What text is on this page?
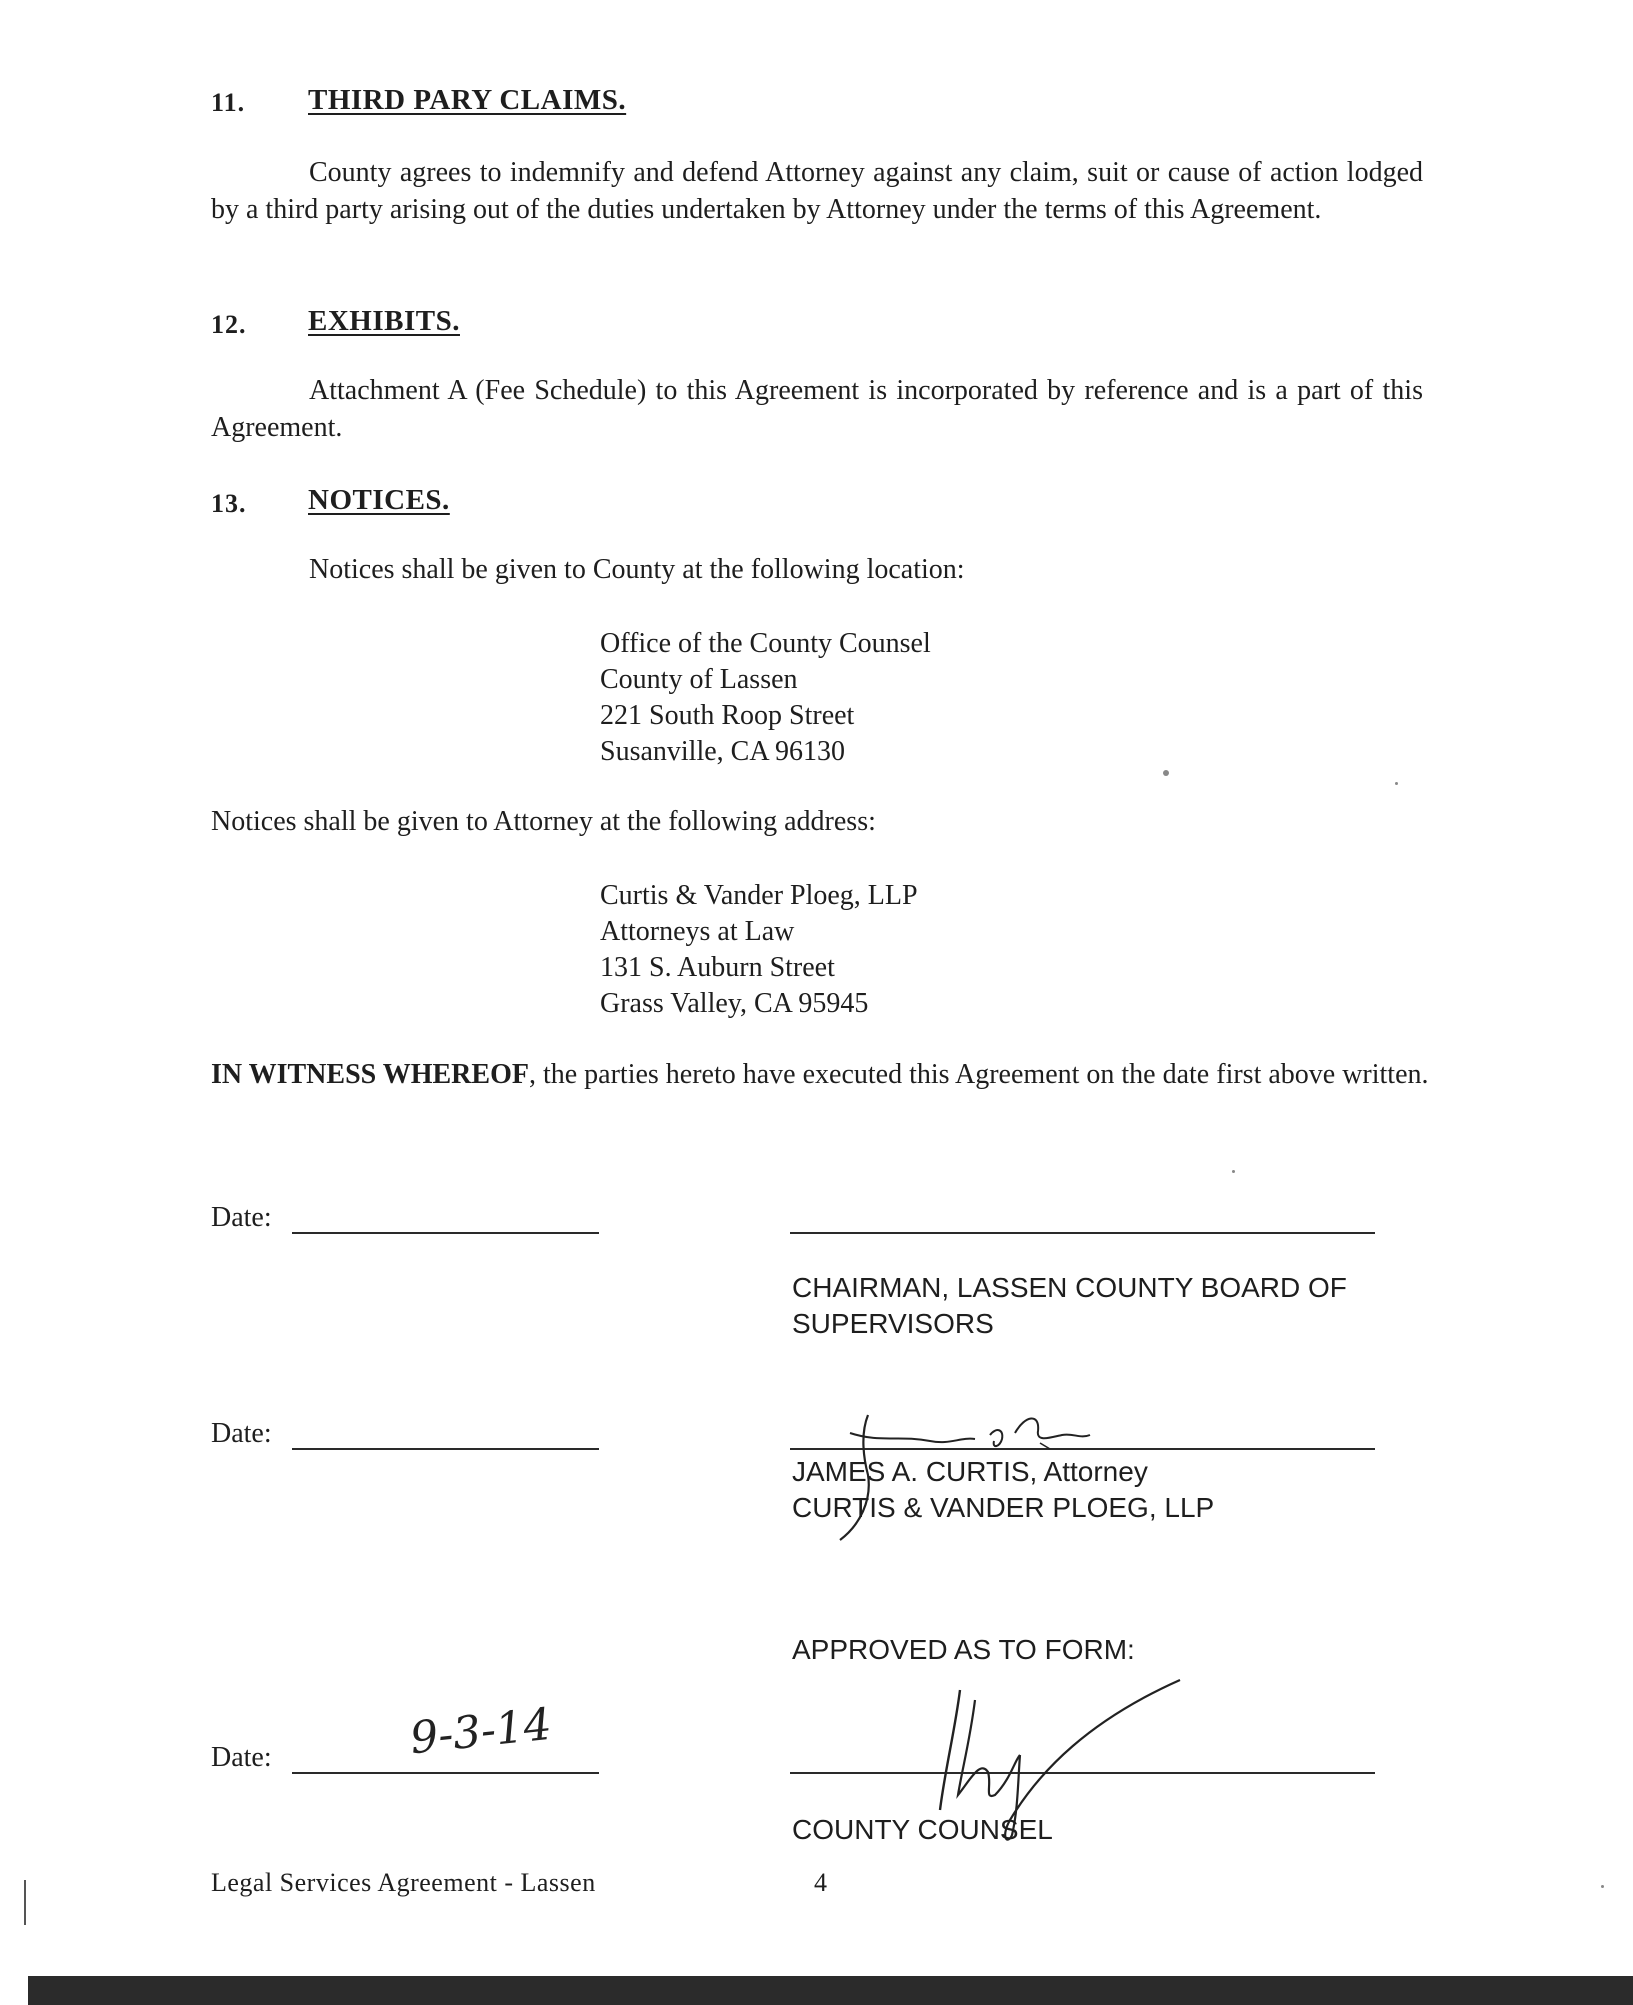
11. THIRD PARY CLAIMS.
County agrees to indemnify and defend Attorney against any claim, suit or cause of action lodged by a third party arising out of the duties undertaken by Attorney under the terms of this Agreement.
12. EXHIBITS.
Attachment A (Fee Schedule) to this Agreement is incorporated by reference and is a part of this Agreement.
13. NOTICES.
Notices shall be given to County at the following location:
Office of the County Counsel
County of Lassen
221 South Roop Street
Susanville, CA 96130
Notices shall be given to Attorney at the following address:
Curtis & Vander Ploeg, LLP
Attorneys at Law
131 S. Auburn Street
Grass Valley, CA 95945
IN WITNESS WHEREOF, the parties hereto have executed this Agreement on the date first above written.
Date:
CHAIRMAN, LASSEN COUNTY BOARD OF
SUPERVISORS
Date:
JAMES A. CURTIS, Attorney
CURTIS & VANDER PLOEG, LLP
APPROVED AS TO FORM:
Date:	9-3-14
COUNTY COUNSEL
Legal Services Agreement - Lassen	4
